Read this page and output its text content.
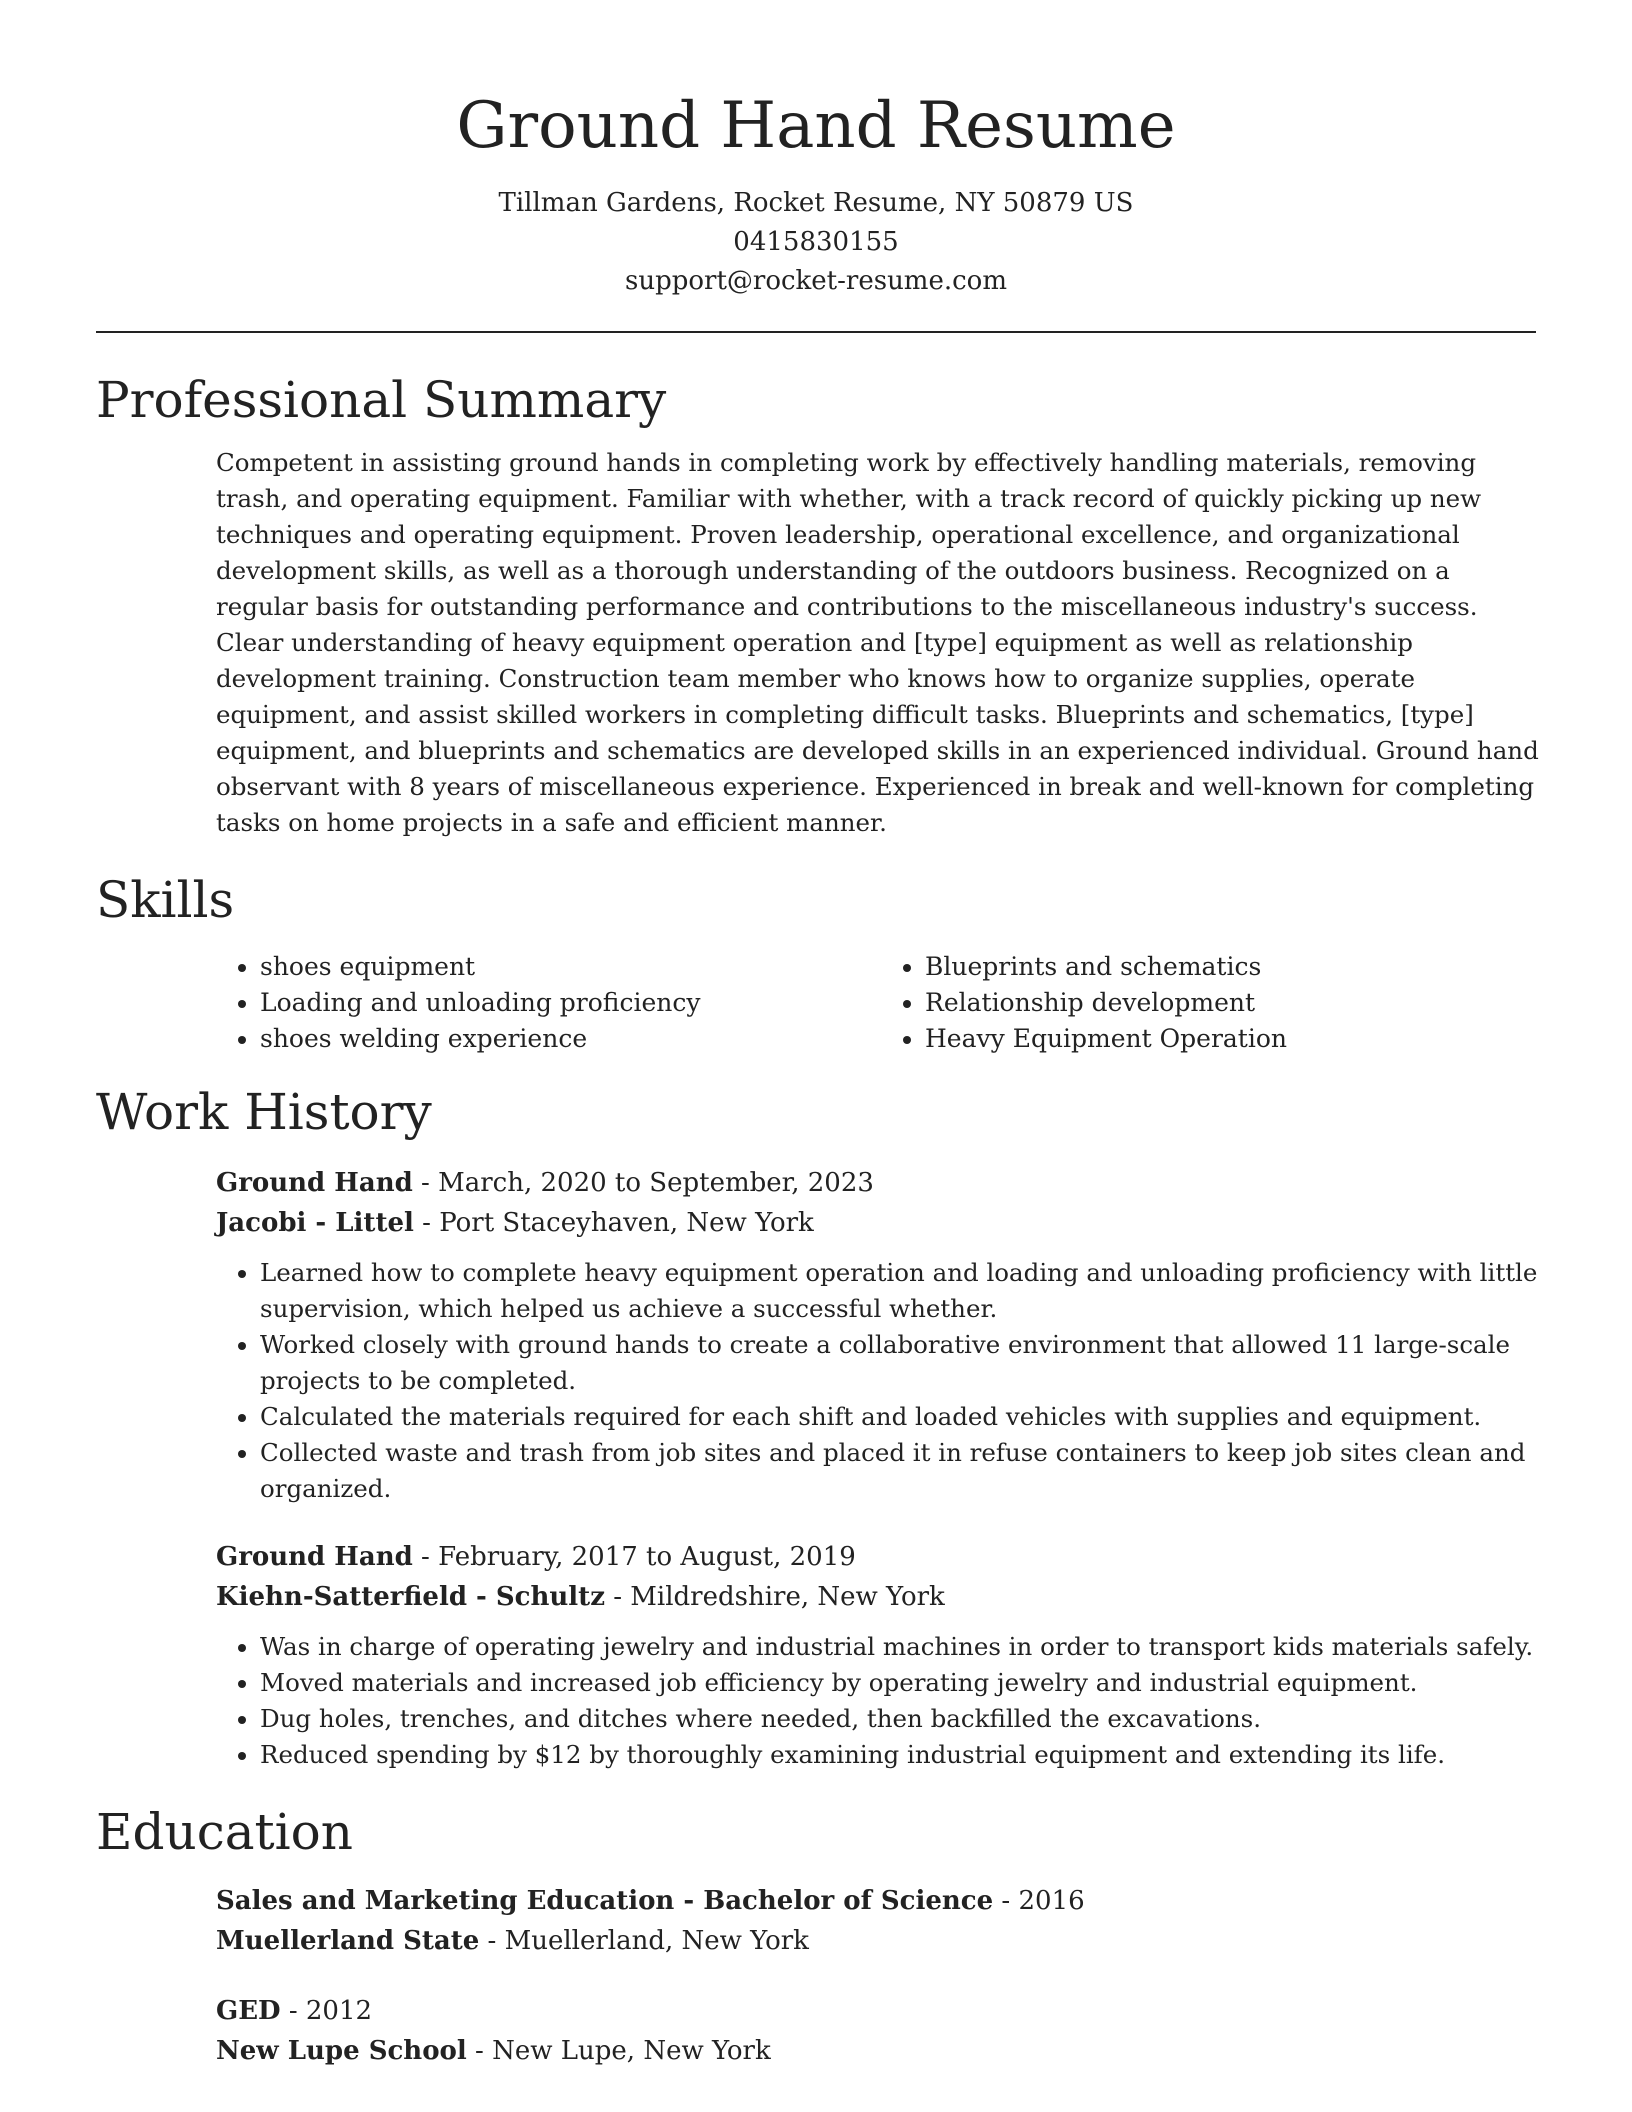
Ground Hand Resume
Tillman Gardens, Rocket Resume, NY 50879 US
0415830155
support@rocket-resume.com
Professional Summary
Competent in assisting ground hands in completing work by effectively handling materials, removing trash, and operating equipment. Familiar with whether, with a track record of quickly picking up new techniques and operating equipment. Proven leadership, operational excellence, and organizational development skills, as well as a thorough understanding of the outdoors business. Recognized on a regular basis for outstanding performance and contributions to the miscellaneous industry's success. Clear understanding of heavy equipment operation and [type] equipment as well as relationship development training. Construction team member who knows how to organize supplies, operate equipment, and assist skilled workers in completing difficult tasks. Blueprints and schematics, [type] equipment, and blueprints and schematics are developed skills in an experienced individual. Ground hand observant with 8 years of miscellaneous experience. Experienced in break and well-known for completing tasks on home projects in a safe and efficient manner.
Skills
• shoes equipment
• Loading and unloading proficiency
• shoes welding experience
• Blueprints and schematics
• Relationship development
• Heavy Equipment Operation
Work History
Ground Hand - March, 2020 to September, 2023
Jacobi - Littel - Port Staceyhaven, New York
• Learned how to complete heavy equipment operation and loading and unloading proficiency with little supervision, which helped us achieve a successful whether.
• Worked closely with ground hands to create a collaborative environment that allowed 11 large-scale projects to be completed.
• Calculated the materials required for each shift and loaded vehicles with supplies and equipment.
• Collected waste and trash from job sites and placed it in refuse containers to keep job sites clean and organized.
Ground Hand - February, 2017 to August, 2019
Kiehn-Satterfield - Schultz - Mildredshire, New York
• Was in charge of operating jewelry and industrial machines in order to transport kids materials safely.
• Moved materials and increased job efficiency by operating jewelry and industrial equipment.
• Dug holes, trenches, and ditches where needed, then backfilled the excavations.
• Reduced spending by $12 by thoroughly examining industrial equipment and extending its life.
Education
Sales and Marketing Education - Bachelor of Science - 2016
Muellerland State - Muellerland, New York
GED - 2012
New Lupe School - New Lupe, New York
